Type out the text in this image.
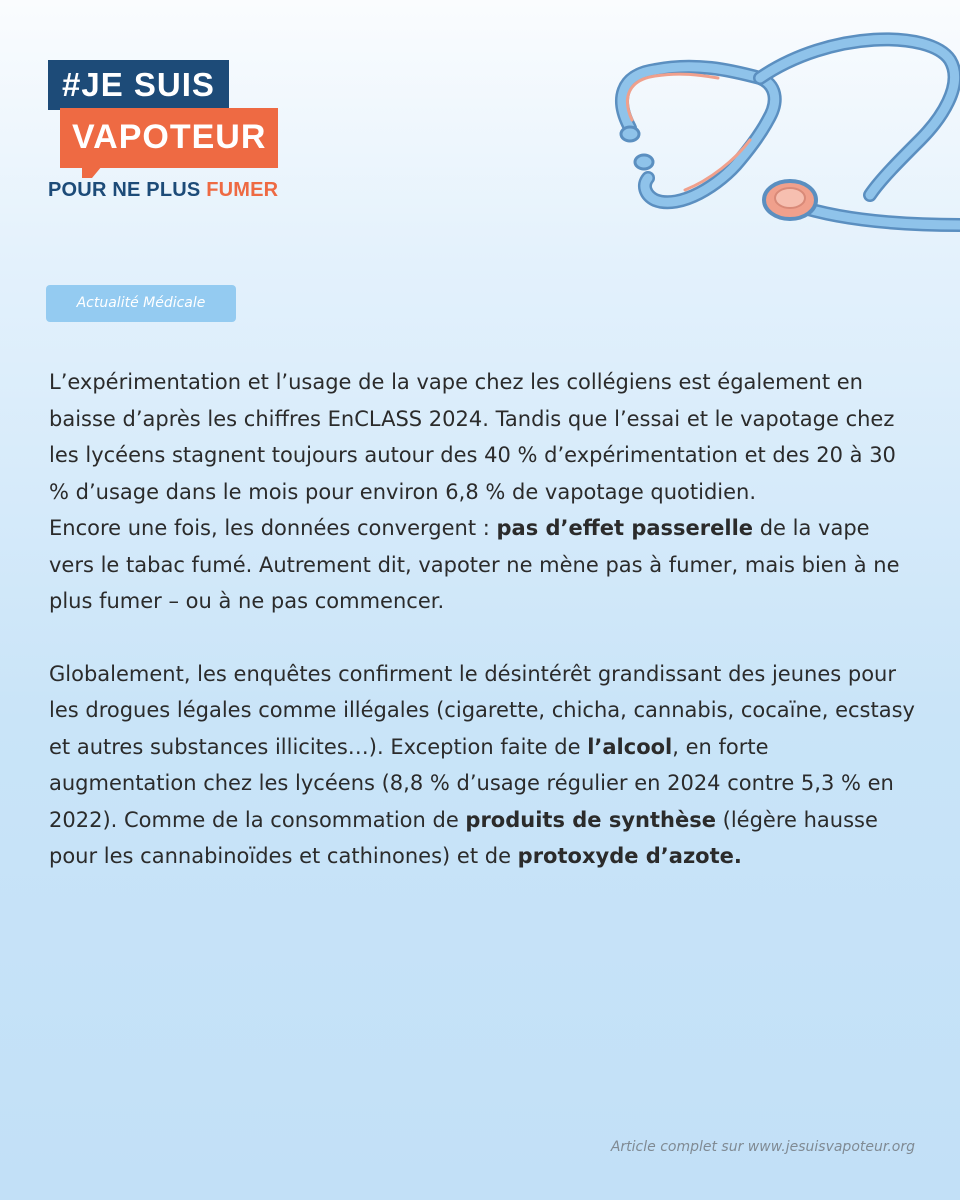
#JE SUIS
VAPOTEUR
POUR NE PLUS FUMER
Actualité Médicale

L’expérimentation et l’usage de la vape chez les collégiens est également en baisse d’après les chiffres EnCLASS 2024. Tandis que l’essai et le vapotage chez les lycéens stagnent toujours autour des 40 % d’expérimentation et des 20 à 30 % d’usage dans le mois pour environ 6,8 % de vapotage quotidien.

Encore une fois, les données convergent : pas d’effet passerelle de la vape vers le tabac fumé. Autrement dit, vapoter ne mène pas à fumer, mais bien à ne plus fumer – ou à ne pas commencer.

Globalement, les enquêtes confirment le désintérêt grandissant des jeunes pour les drogues légales comme illégales (cigarette, chicha, cannabis, cocaïne, ecstasy et autres substances illicites…). Exception faite de l’alcool, en forte augmentation chez les lycéens (8,8 % d’usage régulier en 2024 contre 5,3 % en 2022). Comme de la consommation de produits de synthèse (légère hausse pour les cannabinoïdes et cathinones) et de protoxyde d’azote.

Article complet sur www.jesuisvapoteur.org
